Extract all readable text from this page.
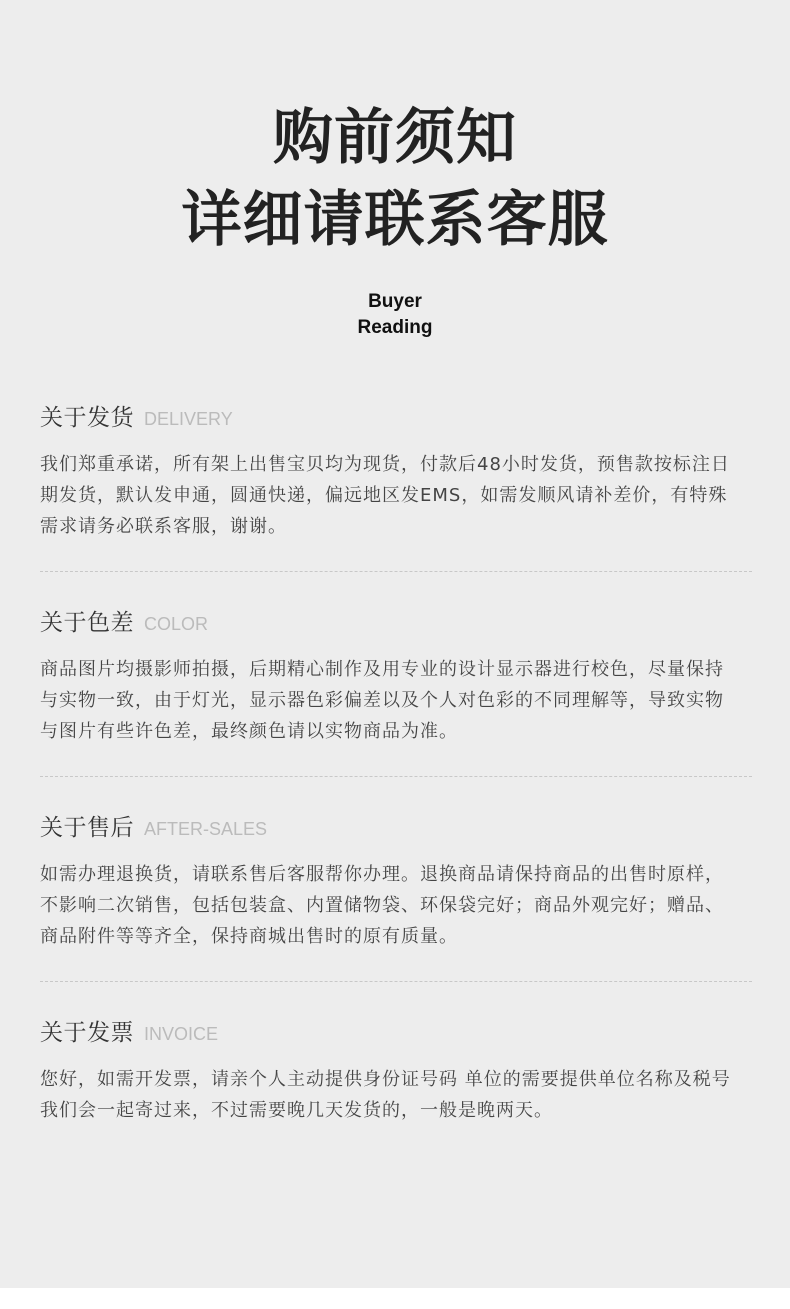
购前须知
详细请联系客服
Buyer
Reading
关于发货 DELIVERY
我们郑重承诺，所有架上出售宝贝均为现货，付款后48小时发货，预售款按标注日
期发货，默认发申通，圆通快递，偏远地区发EMS，如需发顺风请补差价，有特殊
需求请务必联系客服，谢谢。
关于色差 COLOR
商品图片均摄影师拍摄，后期精心制作及用专业的设计显示器进行校色，尽量保持
与实物一致，由于灯光，显示器色彩偏差以及个人对色彩的不同理解等，导致实物
与图片有些许色差，最终颜色请以实物商品为准。
关于售后 AFTER-SALES
如需办理退换货，请联系售后客服帮你办理。退换商品请保持商品的出售时原样，
不影响二次销售，包括包装盒、内置储物袋、环保袋完好；商品外观完好；赠品、
商品附件等等齐全，保持商城出售时的原有质量。
关于发票 INVOICE
您好，如需开发票，请亲个人主动提供身份证号码 单位的需要提供单位名称及税号
我们会一起寄过来，不过需要晚几天发货的，一般是晚两天。
